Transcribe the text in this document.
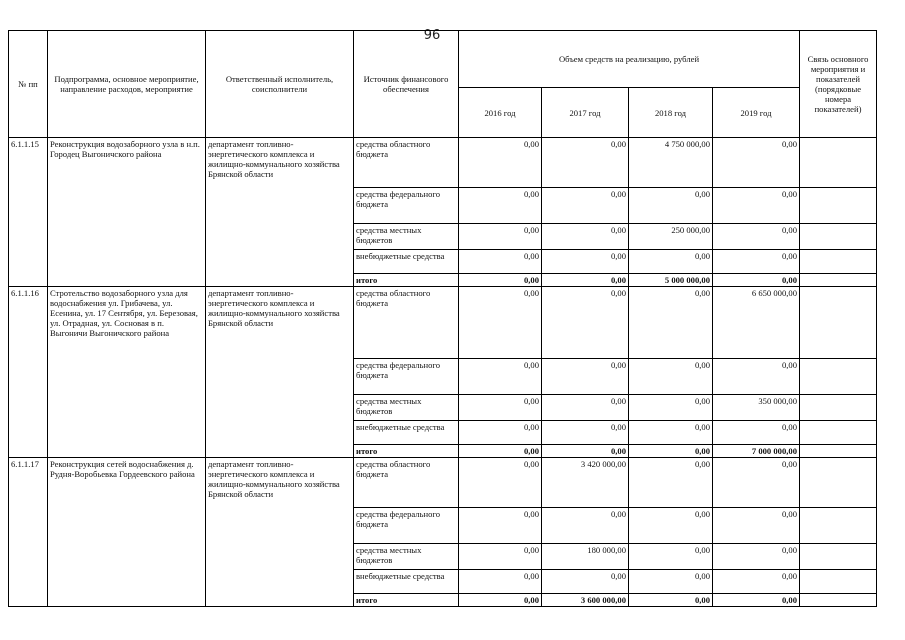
96
№ пп	Подпрограмма, основное мероприятие, направление расходов, мероприятие	Ответственный исполнитель, соисполнители	Источник финансового обеспечения	Объем средств на реализацию, рублей				Связь основного мероприятия и показателей (порядковые номера показателей)
				2016 год	2017 год	2018 год	2019 год	
6.1.1.15	Реконструкция водозаборного узла в н.п. Городец Выгоничского района	департамент топливно-энергетического комплекса и жилищно-коммунального хозяйства Брянской области	средства областного бюджета	0,00	0,00	4 750 000,00	0,00	
			средства федерального бюджета	0,00	0,00	0,00	0,00	
			средства местных бюджетов	0,00	0,00	250 000,00	0,00	
			внебюджетные средства	0,00	0,00	0,00	0,00	
			итого	0,00	0,00	5 000 000,00	0,00	
6.1.1.16	Стротельство водозаборного узла для водоснабжения ул. Грибачева, ул. Есенина, ул. 17 Сентября, ул. Березовая, ул. Отрадная, ул. Сосновая в п. Выгоничи Выгоничского района	департамент топливно-энергетического комплекса и жилищно-коммунального хозяйства Брянской области	средства областного бюджета	0,00	0,00	0,00	6 650 000,00	
			средства федерального бюджета	0,00	0,00	0,00	0,00	
			средства местных бюджетов	0,00	0,00	0,00	350 000,00	
			внебюджетные средства	0,00	0,00	0,00	0,00	
			итого	0,00	0,00	0,00	7 000 000,00	
6.1.1.17	Реконструкция сетей водоснабжения д. Рудня-Воробьевка Гордеевского района	департамент топливно-энергетического комплекса и жилищно-коммунального хозяйства Брянской области	средства областного бюджета	0,00	3 420 000,00	0,00	0,00	
			средства федерального бюджета	0,00	0,00	0,00	0,00	
			средства местных бюджетов	0,00	180 000,00	0,00	0,00	
			внебюджетные средства	0,00	0,00	0,00	0,00	
			итого	0,00	3 600 000,00	0,00	0,00	
